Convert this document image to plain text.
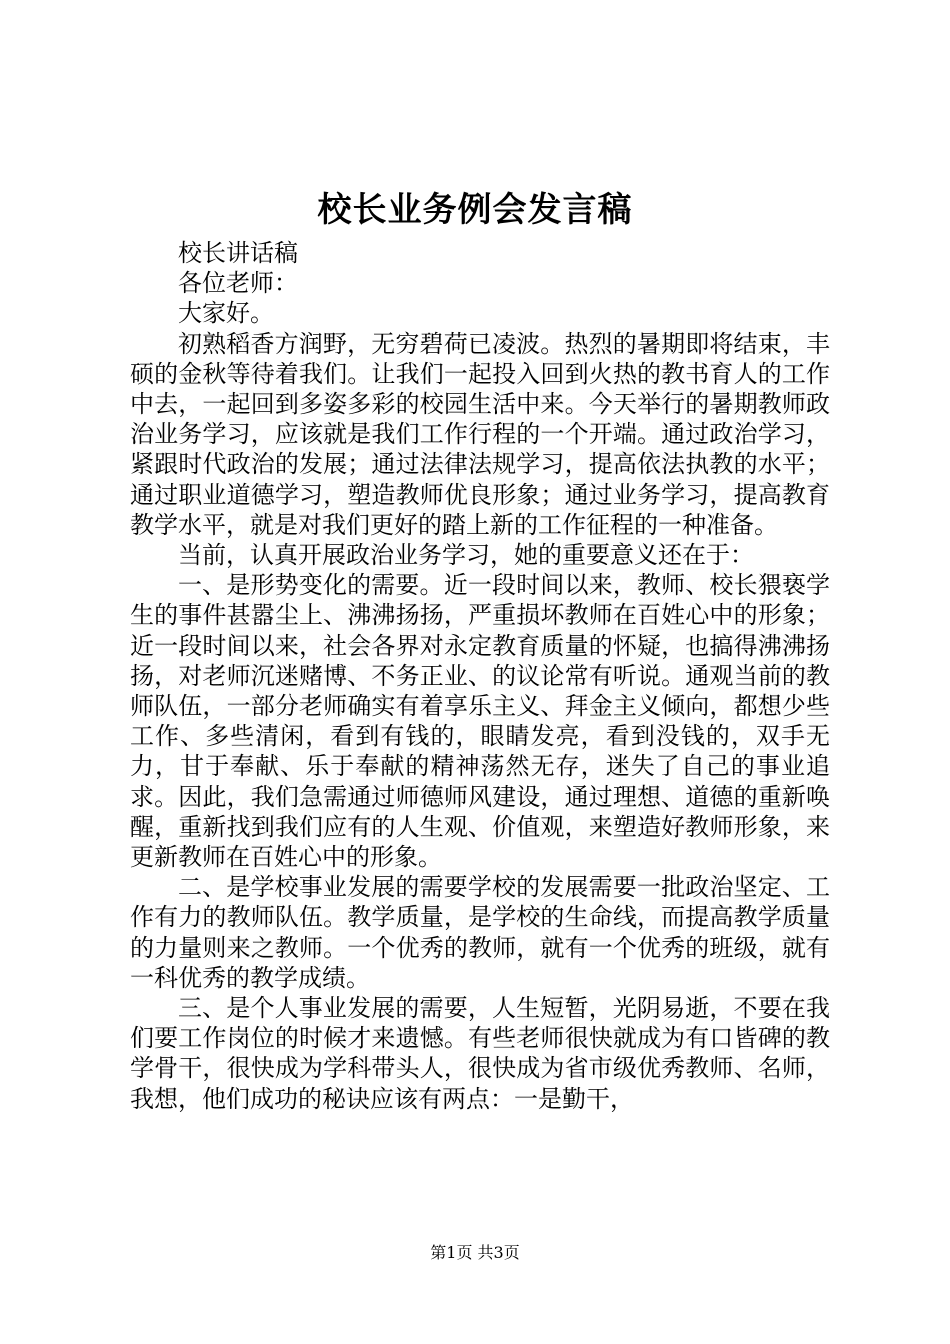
校长业务例会发言稿

校长讲话稿

各位老师：

大家好。

初熟稻香方润野，无穷碧荷已凌波。热烈的暑期即将结束，丰硕的金秋等待着我们。让我们一起投入回到火热的教书育人的工作中去，一起回到多姿多彩的校园生活中来。今天举行的暑期教师政治业务学习，应该就是我们工作行程的一个开端。通过政治学习，紧跟时代政治的发展；通过法律法规学习，提高依法执教的水平；通过职业道德学习，塑造教师优良形象；通过业务学习，提高教育教学水平，就是对我们更好的踏上新的工作征程的一种准备。

当前，认真开展政治业务学习，她的重要意义还在于：

一、是形势变化的需要。近一段时间以来，教师、校长猥亵学生的事件甚嚣尘上、沸沸扬扬，严重损坏教师在百姓心中的形象；近一段时间以来，社会各界对永定教育质量的怀疑，也搞得沸沸扬扬，对老师沉迷赌博、不务正业、的议论常有听说。通观当前的教师队伍，一部分老师确实有着享乐主义、拜金主义倾向，都想少些工作、多些清闲，看到有钱的，眼睛发亮，看到没钱的，双手无力，甘于奉献、乐于奉献的精神荡然无存，迷失了自己的事业追求。因此，我们急需通过师德师风建设，通过理想、道德的重新唤醒，重新找到我们应有的人生观、价值观，来塑造好教师形象，来更新教师在百姓心中的形象。

二、是学校事业发展的需要学校的发展需要一批政治坚定、工作有力的教师队伍。教学质量，是学校的生命线，而提高教学质量的力量则来之教师。一个优秀的教师，就有一个优秀的班级，就有一科优秀的教学成绩。

三、是个人事业发展的需要，人生短暂，光阴易逝，不要在我们要工作岗位的时候才来遗憾。有些老师很快就成为有口皆碑的教学骨干，很快成为学科带头人，很快成为省市级优秀教师、名师，我想，他们成功的秘诀应该有两点：一是勤干，

第1页 共3页
